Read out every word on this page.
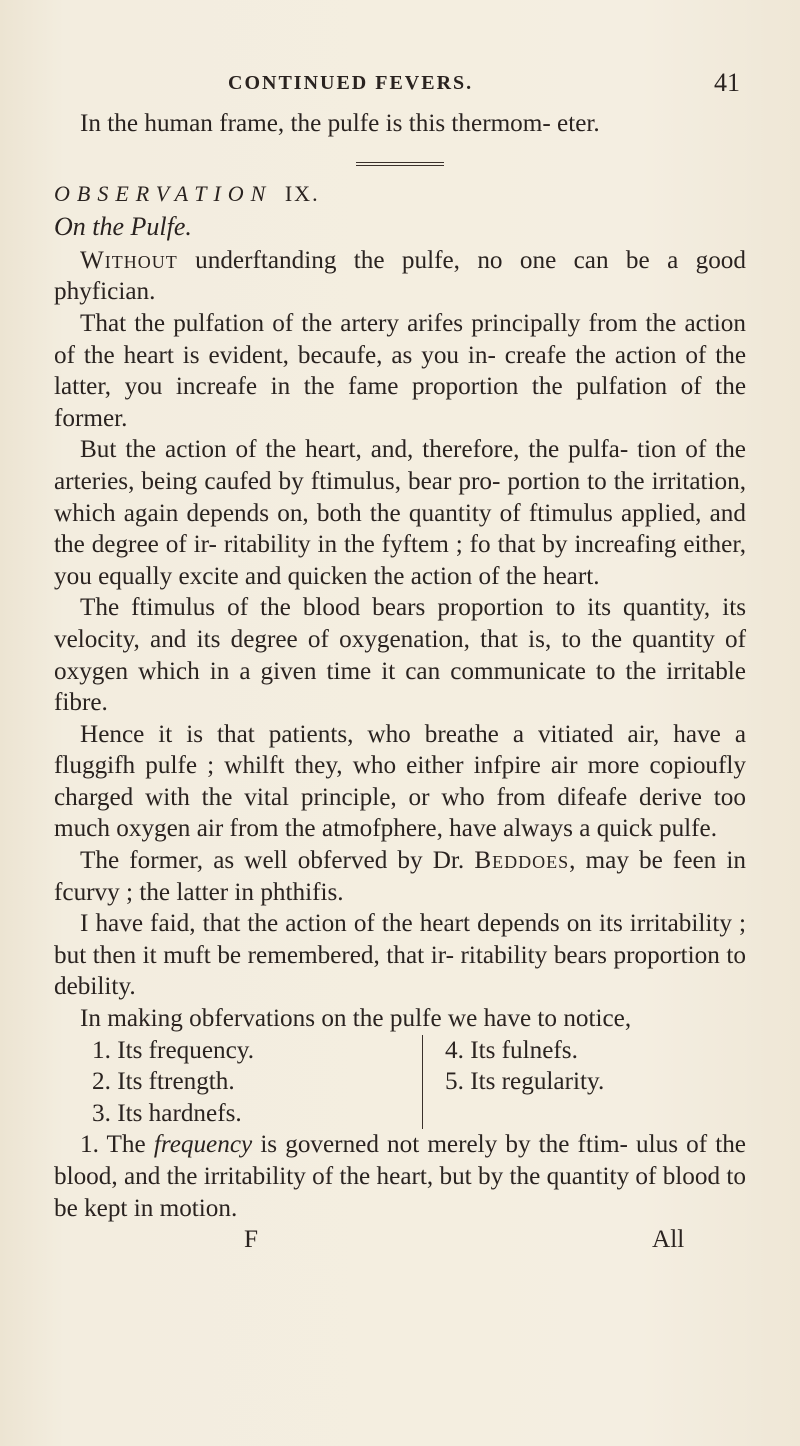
CONTINUED FEVERS.	41

In the human frame, the pulfe is this thermom- eter.

OBSERVATION IX.

On the Pulfe.

Without underftanding the pulfe, no one can be a good phyfician.

That the pulfation of the artery arifes principally from the action of the heart is evident, becaufe, as you in- creafe the action of the latter, you increafe in the fame proportion the pulfation of the former.

But the action of the heart, and, therefore, the pulfa- tion of the arteries, being caufed by ftimulus, bear pro- portion to the irritation, which again depends on, both the quantity of ftimulus applied, and the degree of ir- ritability in the fyftem ; fo that by increafing either, you equally excite and quicken the action of the heart.

The ftimulus of the blood bears proportion to its quantity, its velocity, and its degree of oxygenation, that is, to the quantity of oxygen which in a given time it can communicate to the irritable fibre.

Hence it is that patients, who breathe a vitiated air, have a fluggifh pulfe ; whilft they, who either infpire air more copioufly charged with the vital principle, or who from difeafe derive too much oxygen air from the atmofphere, have always a quick pulfe.

The former, as well obferved by Dr. Beddoes, may be feen in fcurvy ; the latter in phthifis.

I have faid, that the action of the heart depends on its irritability ; but then it muft be remembered, that ir- ritability bears proportion to debility.

In making obfervations on the pulfe we have to notice,

1. Its frequency.
2. Its ftrength.
3. Its hardnefs.
4. Its fulnefs.
5. Its regularity.

1. The frequency is governed not merely by the ftim- ulus of the blood, and the irritability of the heart, but by the quantity of blood to be kept in motion.

F	All
